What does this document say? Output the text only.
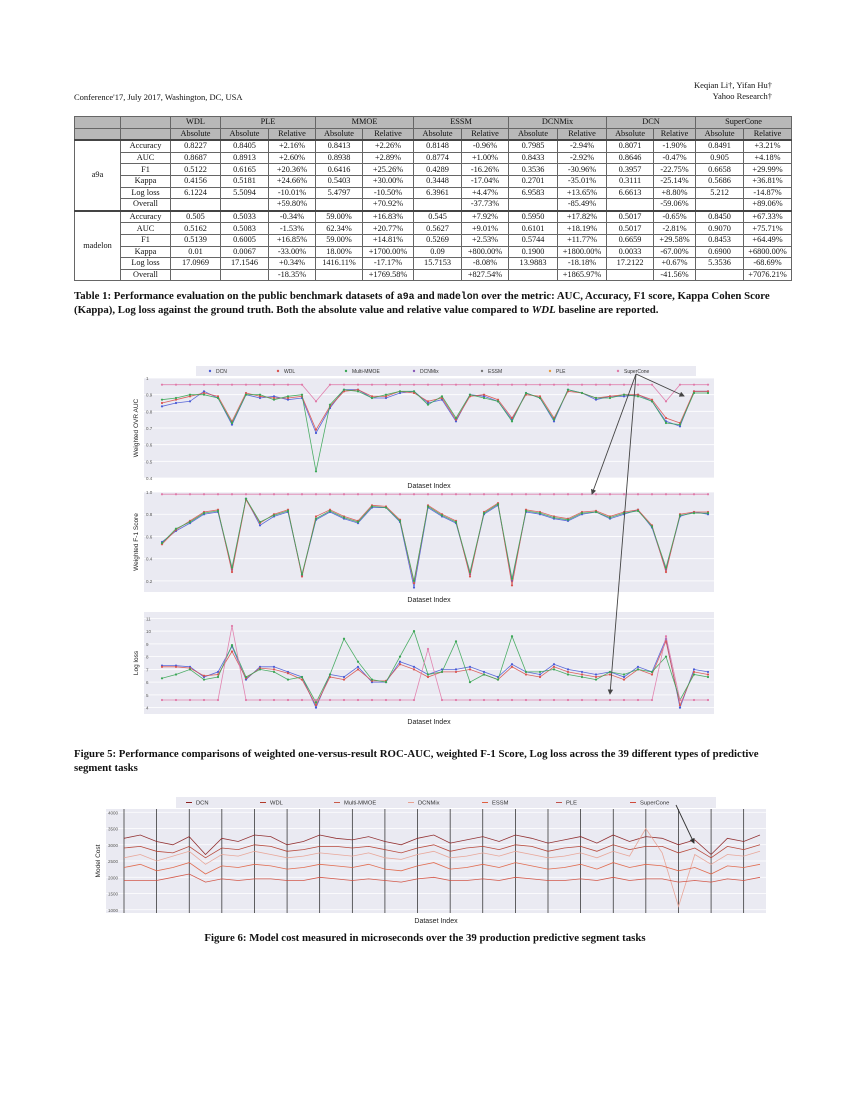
Conference'17, July 2017, Washington, DC, USA
Keqian Li†, Yifan Hu†
Yahoo Research†
		WDL	PLE		MMOE		ESSM		DCNMix		DCN		SuperCone	
		Absolute	Absolute	Relative	Absolute	Relative	Absolute	Relative	Absolute	Relative	Absolute	Relative	Absolute	Relative
a9a	Accuracy	0.8227	0.8405	+2.16%	0.8413	+2.26%	0.8148	-0.96%	0.7985	-2.94%	0.8071	-1.90%	0.8491	+3.21%
	AUC	0.8687	0.8913	+2.60%	0.8938	+2.89%	0.8774	+1.00%	0.8433	-2.92%	0.8646	-0.47%	0.905	+4.18%
	F1	0.5122	0.6165	+20.36%	0.6416	+25.26%	0.4289	-16.26%	0.3536	-30.96%	0.3957	-22.75%	0.6658	+29.99%
	Kappa	0.4156	0.5181	+24.66%	0.5403	+30.00%	0.3448	-17.04%	0.2701	-35.01%	0.3111	-25.14%	0.5686	+36.81%
	Log loss	6.1224	5.5094	-10.01%	5.4797	-10.50%	6.3961	+4.47%	6.9583	+13.65%	6.6613	+8.80%	5.212	-14.87%
	Overall			+59.80%		+70.92%		-37.73%		-85.49%		-59.06%		+89.06%
madelon	Accuracy	0.505	0.5033	-0.34%	59.00%	+16.83%	0.545	+7.92%	0.5950	+17.82%	0.5017	-0.65%	0.8450	+67.33%
	AUC	0.5162	0.5083	-1.53%	62.34%	+20.77%	0.5627	+9.01%	0.6101	+18.19%	0.5017	-2.81%	0.9070	+75.71%
	F1	0.5139	0.6005	+16.85%	59.00%	+14.81%	0.5269	+2.53%	0.5744	+11.77%	0.6659	+29.58%	0.8453	+64.49%
	Kappa	0.01	0.0067	-33.00%	18.00%	+1700.00%	0.09	+800.00%	0.1900	+1800.00%	0.0033	-67.00%	0.6900	+6800.00%
	Log loss	17.0969	17.1546	+0.34%	1416.11%	-17.17%	15.7153	-8.08%	13.9883	-18.18%	17.2122	+0.67%	5.3536	-68.69%
	Overall			-18.35%		+1769.58%		+827.54%		+1865.97%		-41.56%		+7076.21%
Table 1: Performance evaluation on the public benchmark datasets of a9a and madelon over the metric: AUC, Accuracy, F1 score, Kappa Cohen Score (Kappa), Log loss against the ground truth. Both the absolute value and relative value compared to WDL baseline are reported.
DCN	WDL	Multi-MMOE	DCNMix	ESSM	PLE	SuperCone
1
0.9
0.8
0.7
0.6
0.5
0.4
Dataset Index
Weighted OVR AUC
1.0
0.8
0.6
0.4
0.2
Dataset Index
Weighted F-1 Score
11
10
9
8
7
6
5
4
Dataset Index
Log loss
Figure 5: Performance comparisons of weighted one-versus-result ROC-AUC, weighted F-1 Score, Log loss across the 39 different types of predictive segment tasks
DCN	WDL	Multi-MMOE	DCNMix	ESSM	PLE	SuperCone
4000
3500
3000
2500
2000
1500
1000
Dataset Index
Model Cost
Figure 6: Model cost measured in microseconds over the 39 production predictive segment tasks
